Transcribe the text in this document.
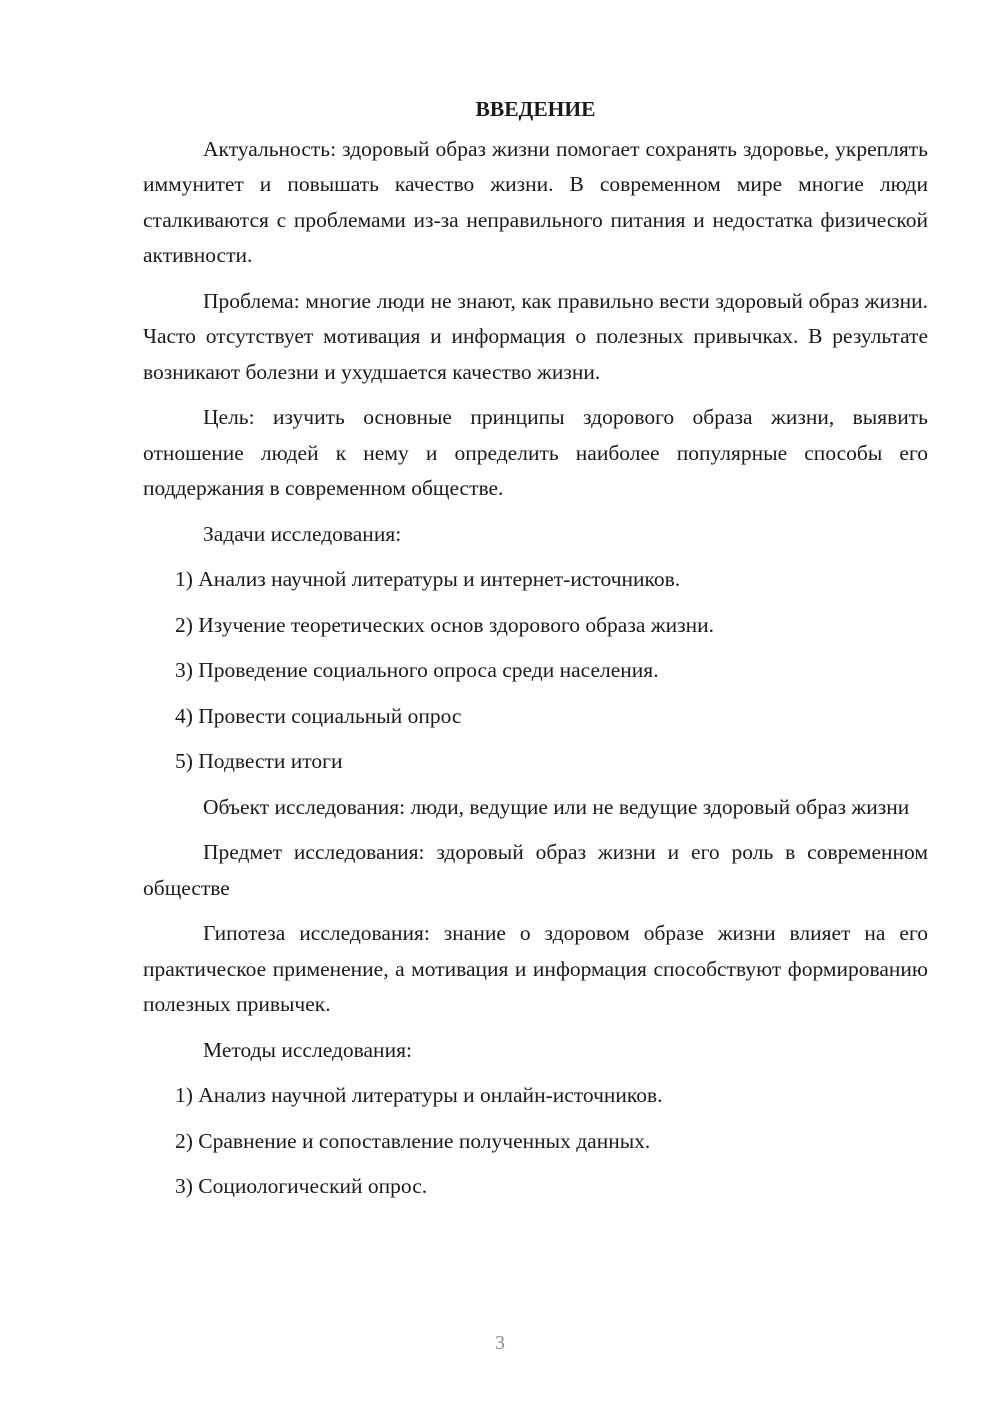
ВВЕДЕНИЕ

Актуальность: здоровый образ жизни помогает сохранять здоровье, укреплять иммунитет и повышать качество жизни. В современном мире многие люди сталкиваются с проблемами из-за неправильного питания и недостатка физической активности.

Проблема: многие люди не знают, как правильно вести здоровый образ жизни. Часто отсутствует мотивация и информация о полезных привычках. В результате возникают болезни и ухудшается качество жизни.

Цель: изучить основные принципы здорового образа жизни, выявить отношение людей к нему и определить наиболее популярные способы его поддержания в современном обществе.

Задачи исследования:

1) Анализ научной литературы и интернет-источников.

2) Изучение теоретических основ здорового образа жизни.

3) Проведение социального опроса среди населения.

4) Провести социальный опрос

5) Подвести итоги

Объект исследования: люди, ведущие или не ведущие здоровый образ жизни

Предмет исследования: здоровый образ жизни и его роль в современном обществе

Гипотеза исследования: знание о здоровом образе жизни влияет на его практическое применение, а мотивация и информация способствуют формированию полезных привычек.

Методы исследования:

1) Анализ научной литературы и онлайн-источников.

2) Сравнение и сопоставление полученных данных.

3) Социологический опрос.

3
